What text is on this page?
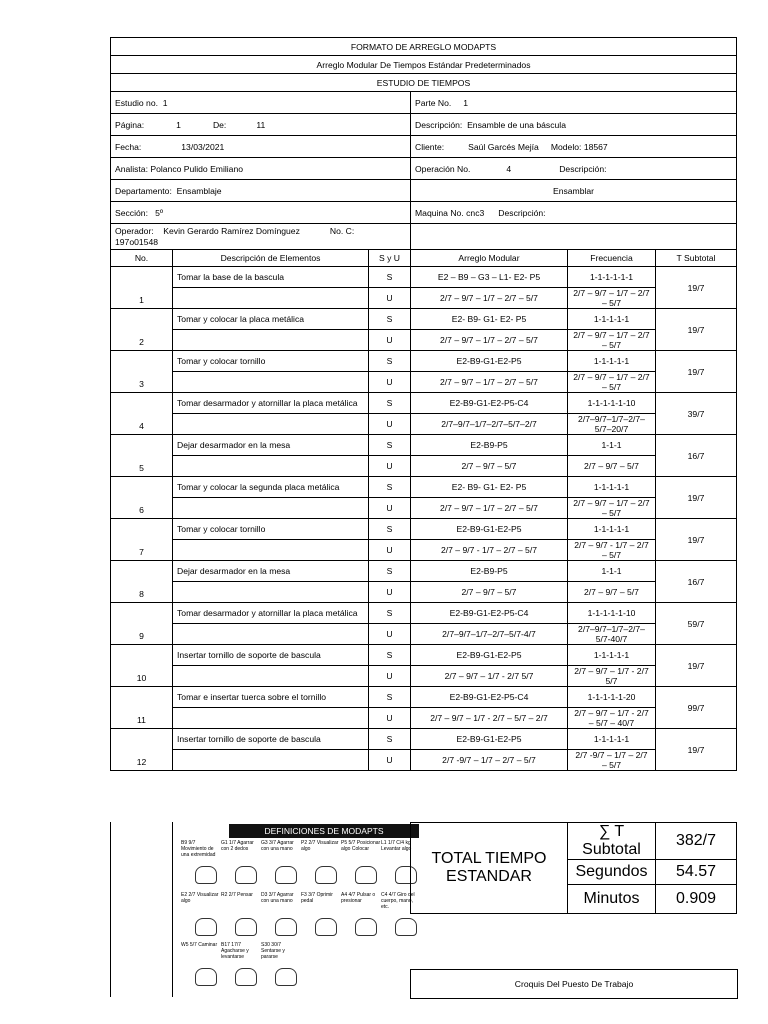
FORMATO DE ARREGLO MODAPTS					
Arreglo Modular De Tiempos Estándar Predeterminados					
ESTUDIO DE TIEMPOS					
Estudio no. 1			Parte No. 1		
Página: 1 De: 11			Descripción: Ensamble de una báscula		
Fecha: 13/03/2021			Cliente: Saúl Garcés Mejía Modelo: 18567		
Analista: Polanco Pulido Emiliano			Operación No. 4 Descripción:		
Departamento: Ensamblaje			Ensamblar		
Sección: 5º			Maquina No. cnc3 Descripción:		
Operador: Kevin Gerardo Ramírez Domínguez No. C:
197o01548					
No.	Descripción de Elementos	S y U	Arreglo Modular	Frecuencia	T Subtotal
1	Tomar la base de la bascula	S	E2 – B9 – G3 – L1- E2- P5	1-1-1-1-1-1	19/7
		U	2/7 – 9/7 – 1/7 – 2/7 – 5/7	2/7 – 9/7 – 1/7 – 2/7 – 5/7	
2	Tomar y colocar la placa metálica	S	E2- B9- G1- E2- P5	1-1-1-1-1	19/7
		U	2/7 – 9/7 – 1/7 – 2/7 – 5/7	2/7 – 9/7 – 1/7 – 2/7 – 5/7	
3	Tomar y colocar tornillo	S	E2-B9-G1-E2-P5	1-1-1-1-1	19/7
		U	2/7 – 9/7 – 1/7 – 2/7 – 5/7	2/7 – 9/7 – 1/7 – 2/7 – 5/7	
4	Tomar desarmador y atornillar la placa metálica	S	E2-B9-G1-E2-P5-C4	1-1-1-1-1-10	39/7
		U	2/7–9/7–1/7–2/7–5/7–2/7	2/7–9/7–1/7–2/7–5/7–20/7	
5	Dejar desarmador en la mesa	S	E2-B9-P5	1-1-1	16/7
		U	2/7 – 9/7 – 5/7	2/7 – 9/7 – 5/7	
6	Tomar y colocar la segunda placa metálica	S	E2- B9- G1- E2- P5	1-1-1-1-1	19/7
		U	2/7 – 9/7 – 1/7 – 2/7 – 5/7	2/7 – 9/7 – 1/7 – 2/7 – 5/7	
7	Tomar y colocar tornillo	S	E2-B9-G1-E2-P5	1-1-1-1-1	19/7
		U	2/7 – 9/7 - 1/7 – 2/7 – 5/7	2/7 – 9/7 - 1/7 – 2/7 – 5/7	
8	Dejar desarmador en la mesa	S	E2-B9-P5	1-1-1	16/7
		U	2/7 – 9/7 – 5/7	2/7 – 9/7 – 5/7	
9	Tomar desarmador y atornillar la placa metálica	S	E2-B9-G1-E2-P5-C4	1-1-1-1-1-10	59/7
		U	2/7–9/7–1/7–2/7–5/7-4/7	2/7–9/7–1/7–2/7–5/7-40/7	
10	Insertar tornillo de soporte de bascula	S	E2-B9-G1-E2-P5	1-1-1-1-1	19/7
		U	2/7 – 9/7 – 1/7 - 2/7 5/7	2/7 – 9/7 – 1/7 - 2/7 5/7	
11	Tomar e insertar tuerca sobre el tornillo	S	E2-B9-G1-E2-P5-C4	1-1-1-1-1-20	99/7
		U	2/7 – 9/7 – 1/7 - 2/7 – 5/7 – 2/7	2/7 – 9/7 – 1/7 - 2/7 – 5/7 – 40/7	
12	Insertar tornillo de soporte de bascula	S	E2-B9-G1-E2-P5	1-1-1-1-1	19/7
		U	2/7 -9/7 – 1/7 – 2/7 – 5/7	2/7 -9/7 – 1/7 – 2/7 – 5/7	
DEFINICIONES DE MODAPTS
B9 9/7 Movimiento de una extremidad
G1 1/7 Agarrar con 2 dedos
G3 3/7 Agarrar con una mano
P2 2/7 Visualizar algo
P5 5/7 Posicionar algo Colocar
L1 1/7 C/4 kg Levantar algo
E2 2/7 Visualizar algo
R2 2/7 Pensar	D3 3/7 Agarrar con una mano
F3 3/7 Oprimir pedal
A4 4/7 Pulsar o presionar
C4 4/7 Giro del cuerpo, mano, etc.
W5 5/7 Caminar B17 17/7 Agacharse y levantarse
S30 30/7 Sentarse y pararse
TOTAL TIEMPO ESTANDAR	∑ T Subtotal	382/7
	Segundos	54.57
	Minutos	0.909
Croquis Del Puesto De Trabajo
